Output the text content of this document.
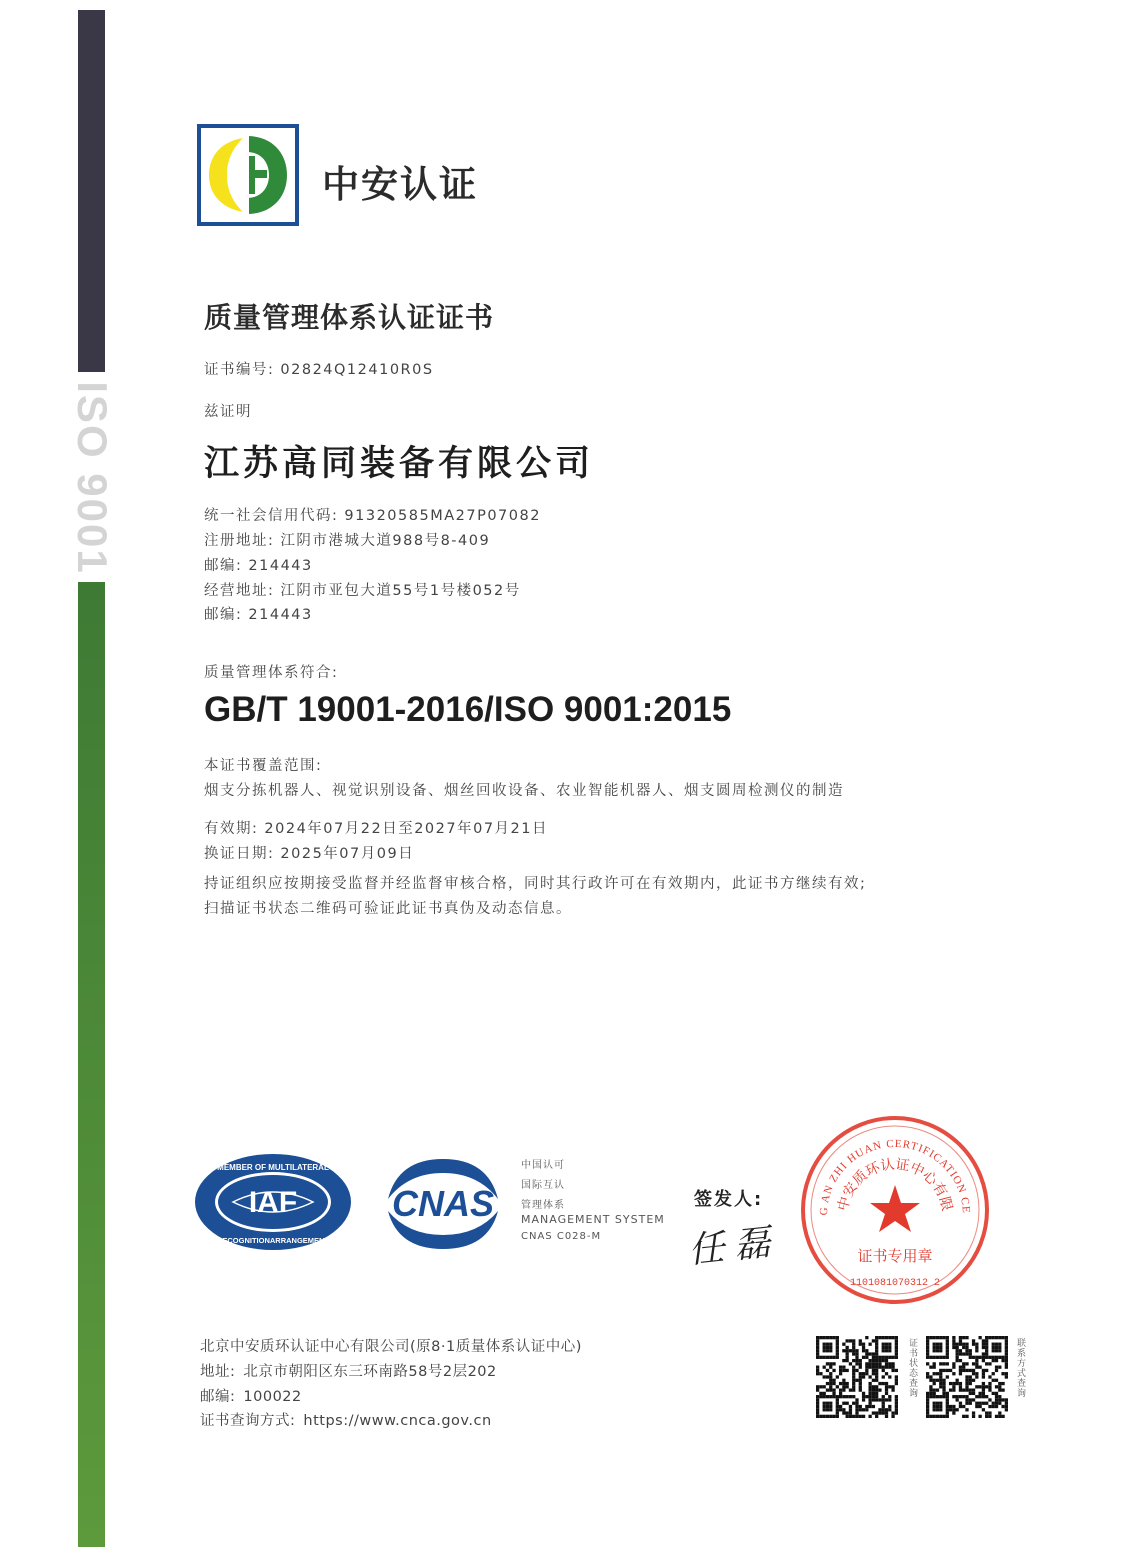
ISO 9001
中安认证
质量管理体系认证证书
证书编号: 02824Q12410R0S
兹证明
江苏高同装备有限公司
统一社会信用代码: 91320585MA27P07082
注册地址: 江阴市港城大道988号8-409
邮编: 214443
经营地址: 江阴市亚包大道55号1号楼052号
邮编: 214443
质量管理体系符合:
GB/T 19001-2016/ISO 9001:2015
本证书覆盖范围:
烟支分拣机器人、视觉识别设备、烟丝回收设备、农业智能机器人、烟支圆周检测仪的制造
有效期: 2024年07月22日至2027年07月21日
换证日期: 2025年07月09日
持证组织应按期接受监督并经监督审核合格，同时其行政许可在有效期内，此证书方继续有效;
扫描证书状态二维码可验证此证书真伪及动态信息。
IAF
MEMBER OF MULTILATERAL
RECOGNITIONARRANGEMENT
CNAS
中国认可
国际互认
管理体系
MANAGEMENT SYSTEM
CNAS C028-M
签发人:
任磊
G AN ZHI HUAN CERTIFICATION CE
中安质环认证中心有限
证书专用章
1101081070312 2
北京中安质环认证中心有限公司(原8·1质量体系认证中心)
地址: 北京市朝阳区东三环南路58号2层202
邮编: 100022
证书查询方式: https://www.cnca.gov.cn
证书状态查询	联系方式查询
